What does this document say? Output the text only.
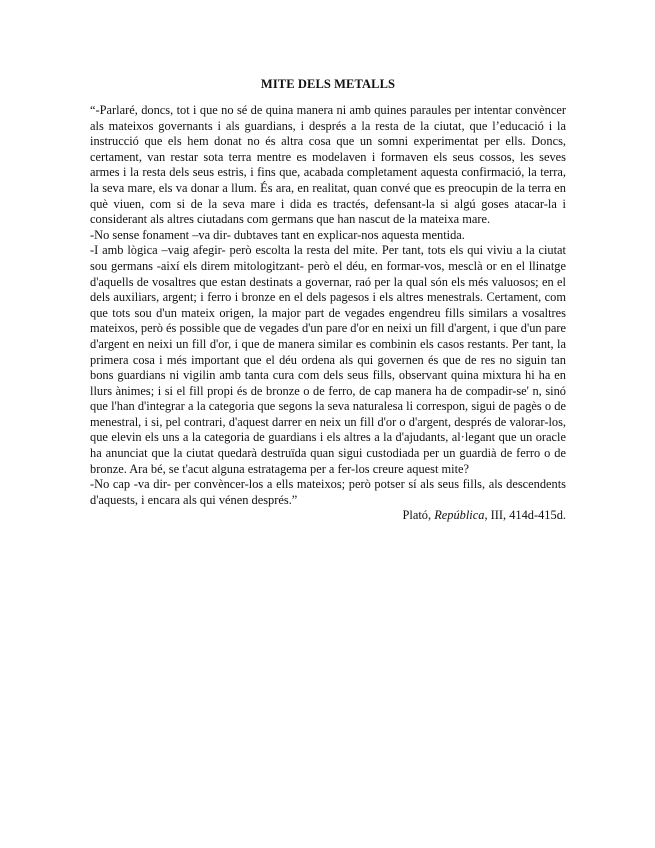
MITE DELS METALLS

“-Parlaré, doncs, tot i que no sé de quina manera ni amb quines paraules per intentar convèncer als mateixos governants i als guardians, i després a la resta de la ciutat, que l’educació i la instrucció que els hem donat no és altra cosa que un somni experimentat per ells. Doncs, certament, van restar sota terra mentre es modelaven i formaven els seus cossos, les seves armes i la resta dels seus estris, i fins que, acabada completament aquesta confirmació, la terra, la seva mare, els va donar a llum. És ara, en realitat, quan convé que es preocupin de la terra en què viuen, com si de la seva mare i dida es tractés, defensant-la si algú goses atacar-la i considerant als altres ciutadans com germans que han nascut de la mateixa mare.

-No sense fonament –va dir- dubtaves tant en explicar-nos aquesta mentida.

-I amb lògica –vaig afegir- però escolta la resta del mite. Per tant, tots els qui viviu a la ciutat sou germans -així els direm mitologitzant- però el déu, en formar-vos, mesclà or en el llinatge d'aquells de vosaltres que estan destinats a governar, raó per la qual són els més valuosos; en el dels auxiliars, argent; i ferro i bronze en el dels pagesos i els altres menestrals. Certament, com que tots sou d'un mateix origen, la major part de vegades engendreu fills similars a vosaltres mateixos, però és possible que de vegades d'un pare d'or en neixi un fill d'argent, i que d'un pare d'argent en neixi un fill d'or, i que de manera similar es combinin els casos restants. Per tant, la primera cosa i més important que el déu ordena als qui governen és que de res no siguin tan bons guardians ni vigilin amb tanta cura com dels seus fills, observant quina mixtura hi ha en llurs ànimes; i si el fill propi és de bronze o de ferro, de cap manera ha de compadir-se' n, sinó que l'han d'integrar a la categoria que segons la seva naturalesa li correspon, sigui de pagès o de menestral, i si, pel contrari, d'aquest darrer en neix un fill d'or o d'argent, després de valorar-los, que elevin els uns a la categoria de guardians i els altres a la d'ajudants, al·legant que un oracle ha anunciat que la ciutat quedarà destruïda quan sigui custodiada per un guardià de ferro o de bronze. Ara bé, se t'acut alguna estratagema per a fer-los creure aquest mite?

-No cap -va dir- per convèncer-los a ells mateixos; però potser sí als seus fills, als descendents d'aquests, i encara als qui vénen després.”

Plató, República, III, 414d-415d.
